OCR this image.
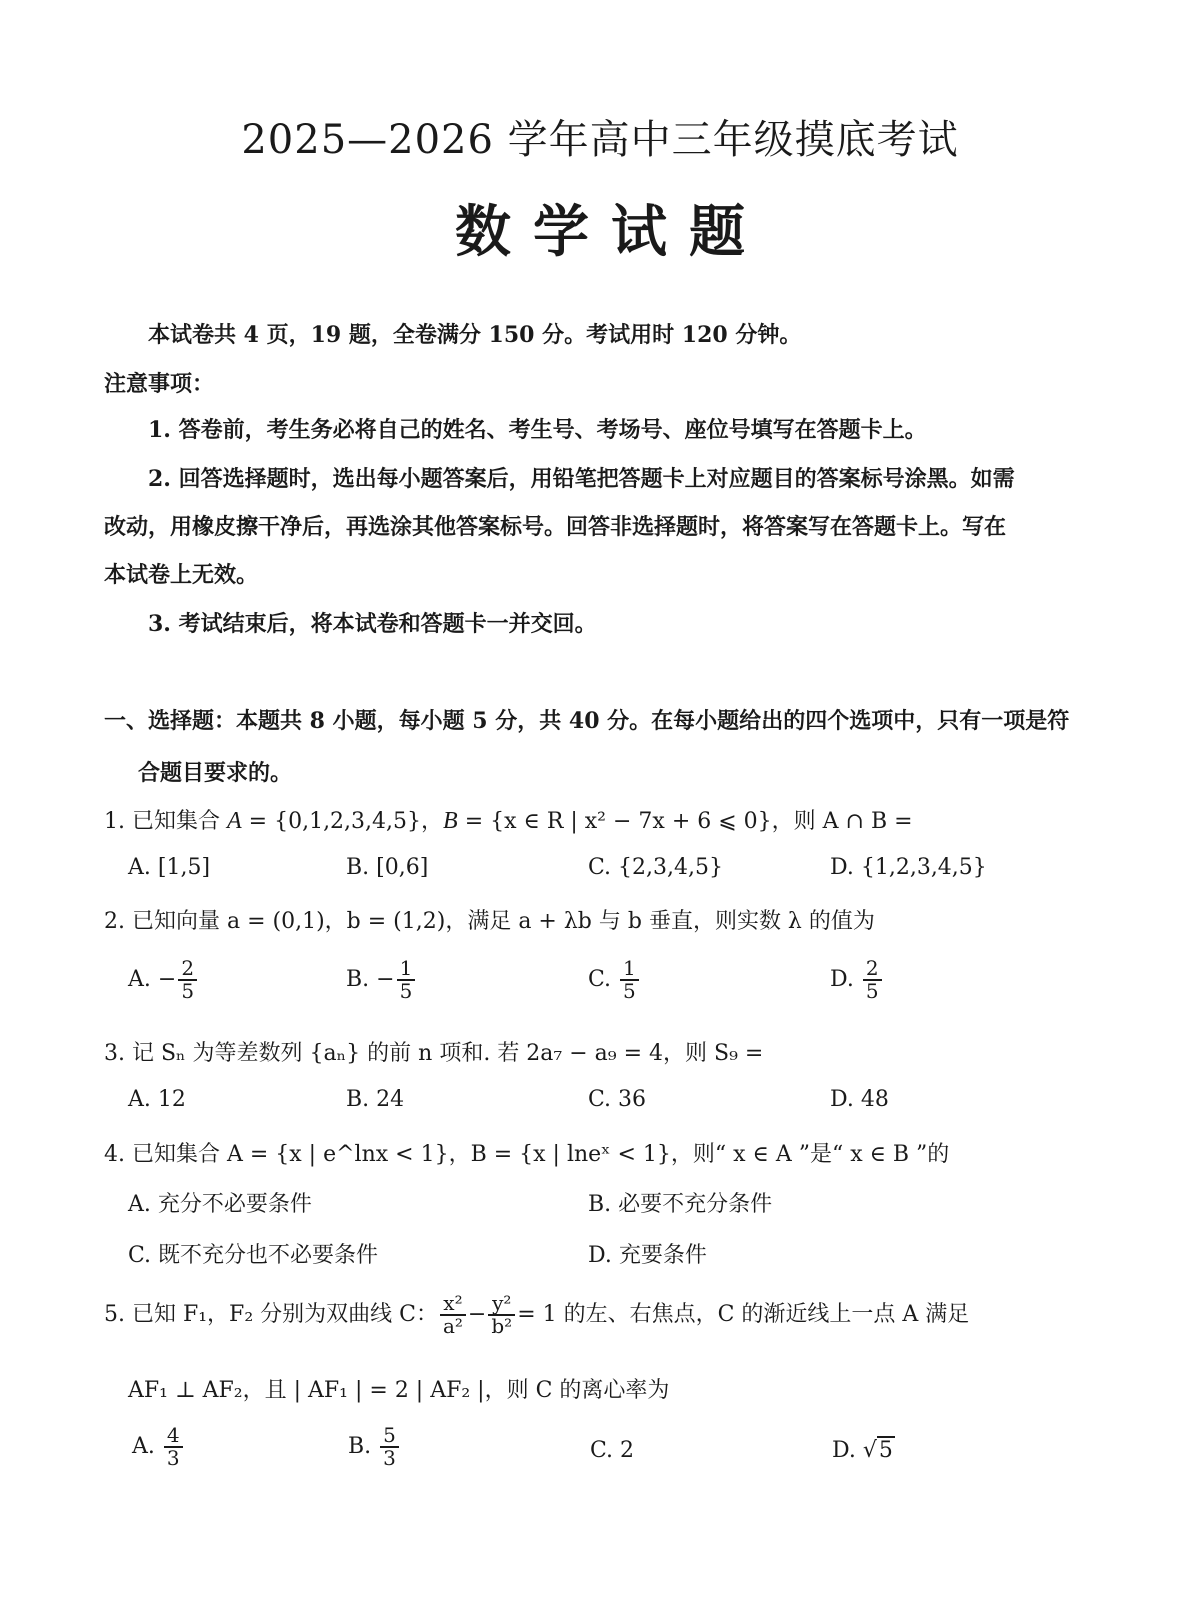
2025—2026 学年高中三年级摸底考试
数学试题
本试卷共 4 页，19 题，全卷满分 150 分。考试用时 120 分钟。
注意事项：
1. 答卷前，考生务必将自己的姓名、考生号、考场号、座位号填写在答题卡上。
2. 回答选择题时，选出每小题答案后，用铅笔把答题卡上对应题目的答案标号涂黑。如需
改动，用橡皮擦干净后，再选涂其他答案标号。回答非选择题时，将答案写在答题卡上。写在
本试卷上无效。
3. 考试结束后，将本试卷和答题卡一并交回。
一、选择题：本题共 8 小题，每小题 5 分，共 40 分。在每小题给出的四个选项中，只有一项是符
合题目要求的。
1. 已知集合 A = {0,1,2,3,4,5}，B = {x ∈ R | x² − 7x + 6 ⩽ 0}，则 A ∩ B =
A. [1,5]	B. [0,6]	C. {2,3,4,5}	D. {1,2,3,4,5}
2. 已知向量 a = (0,1)，b = (1,2)，满足 a + λb 与 b 垂直，则实数 λ 的值为
A. − $\frac{2}{5}$	B. − $\frac{1}{5}$	C. $\frac{1}{5}$	D. $\frac{2}{5}$
3. 记 Sₙ 为等差数列 {aₙ} 的前 n 项和. 若 2a₇ − a₉ = 4，则 S₉ =
A. 12	B. 24	C. 36	D. 48
4. 已知集合 A = {x | e^lnx < 1}，B = {x | lneˣ < 1}，则“ x ∈ A ”是“ x ∈ B ”的
A. 充分不必要条件	B. 必要不充分条件
C. 既不充分也不必要条件	D. 充要条件
5. 已知 F₁，F₂ 分别为双曲线 C： $\frac{\text{x²}}{\text{a²}} - \frac{\text{y²}}{\text{b²}} = 1$ 的左、右焦点，C 的渐近线上一点 A 满足
AF₁ ⊥ AF₂，且 | AF₁ | = 2 | AF₂ |，则 C 的离心率为
A. $\frac{4}{3}$	B. $\frac{5}{3}$	C. 2	D. √5
